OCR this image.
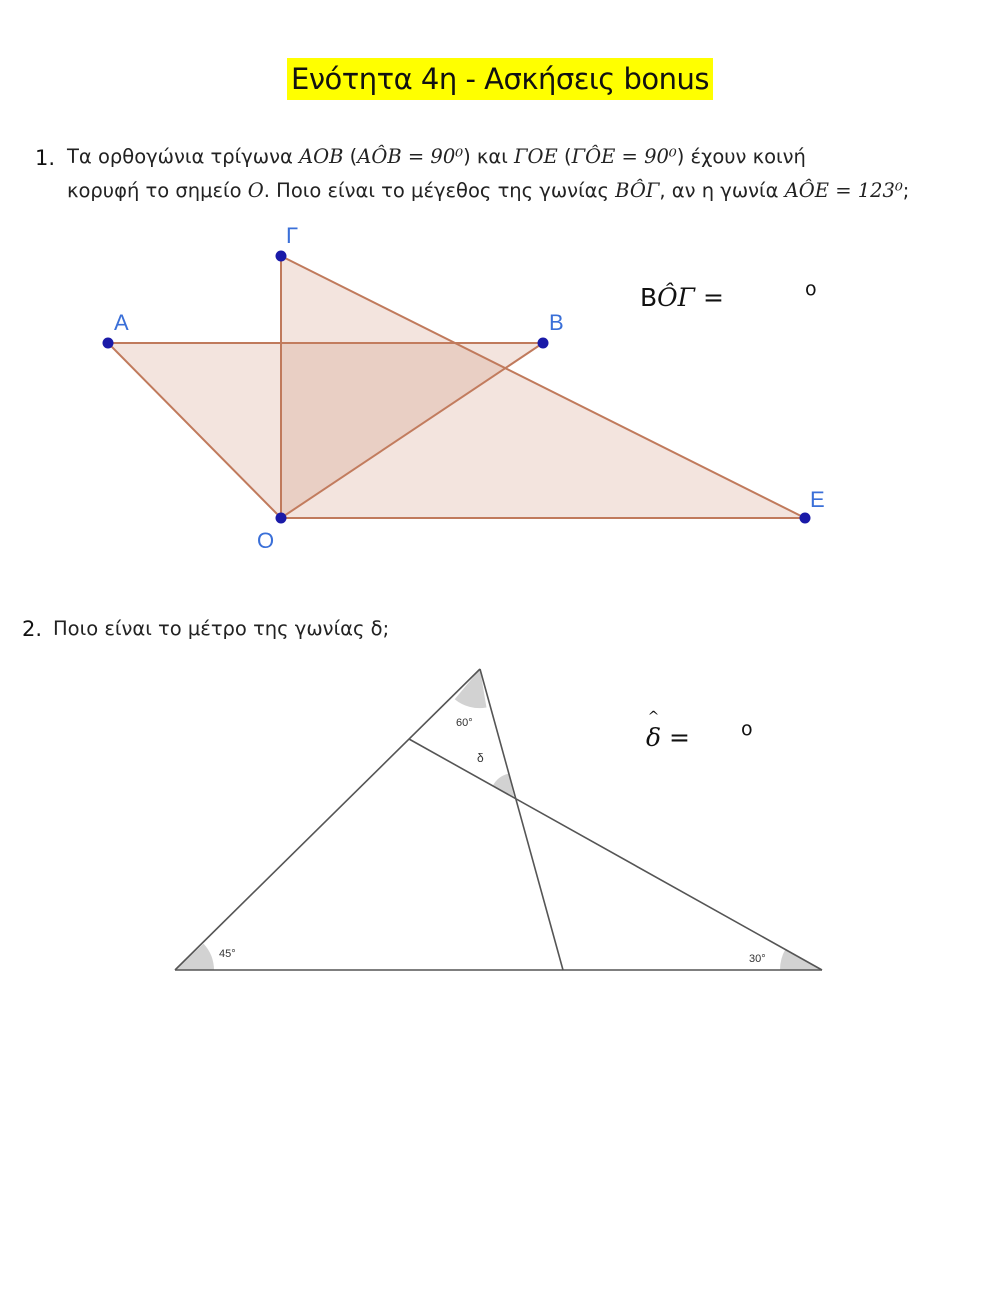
Ενότητα 4η - Ασκήσεις bonus
1. Τα ορθογώνια τρίγωνα AOB (AÔB = 90⁰) και ΓOE (ΓÔE = 90⁰) έχουν κοινή
κορυφή το σημείο O. Ποιο είναι το μέγεθος της γωνίας BÔΓ, αν η γωνία AÔE = 123⁰;
A	B
Γ
O
E
60°
δ
45°	30°
BÔΓ =	ο
2. Ποιο είναι το μέτρο της γωνίας δ;
^ δ =	ο
